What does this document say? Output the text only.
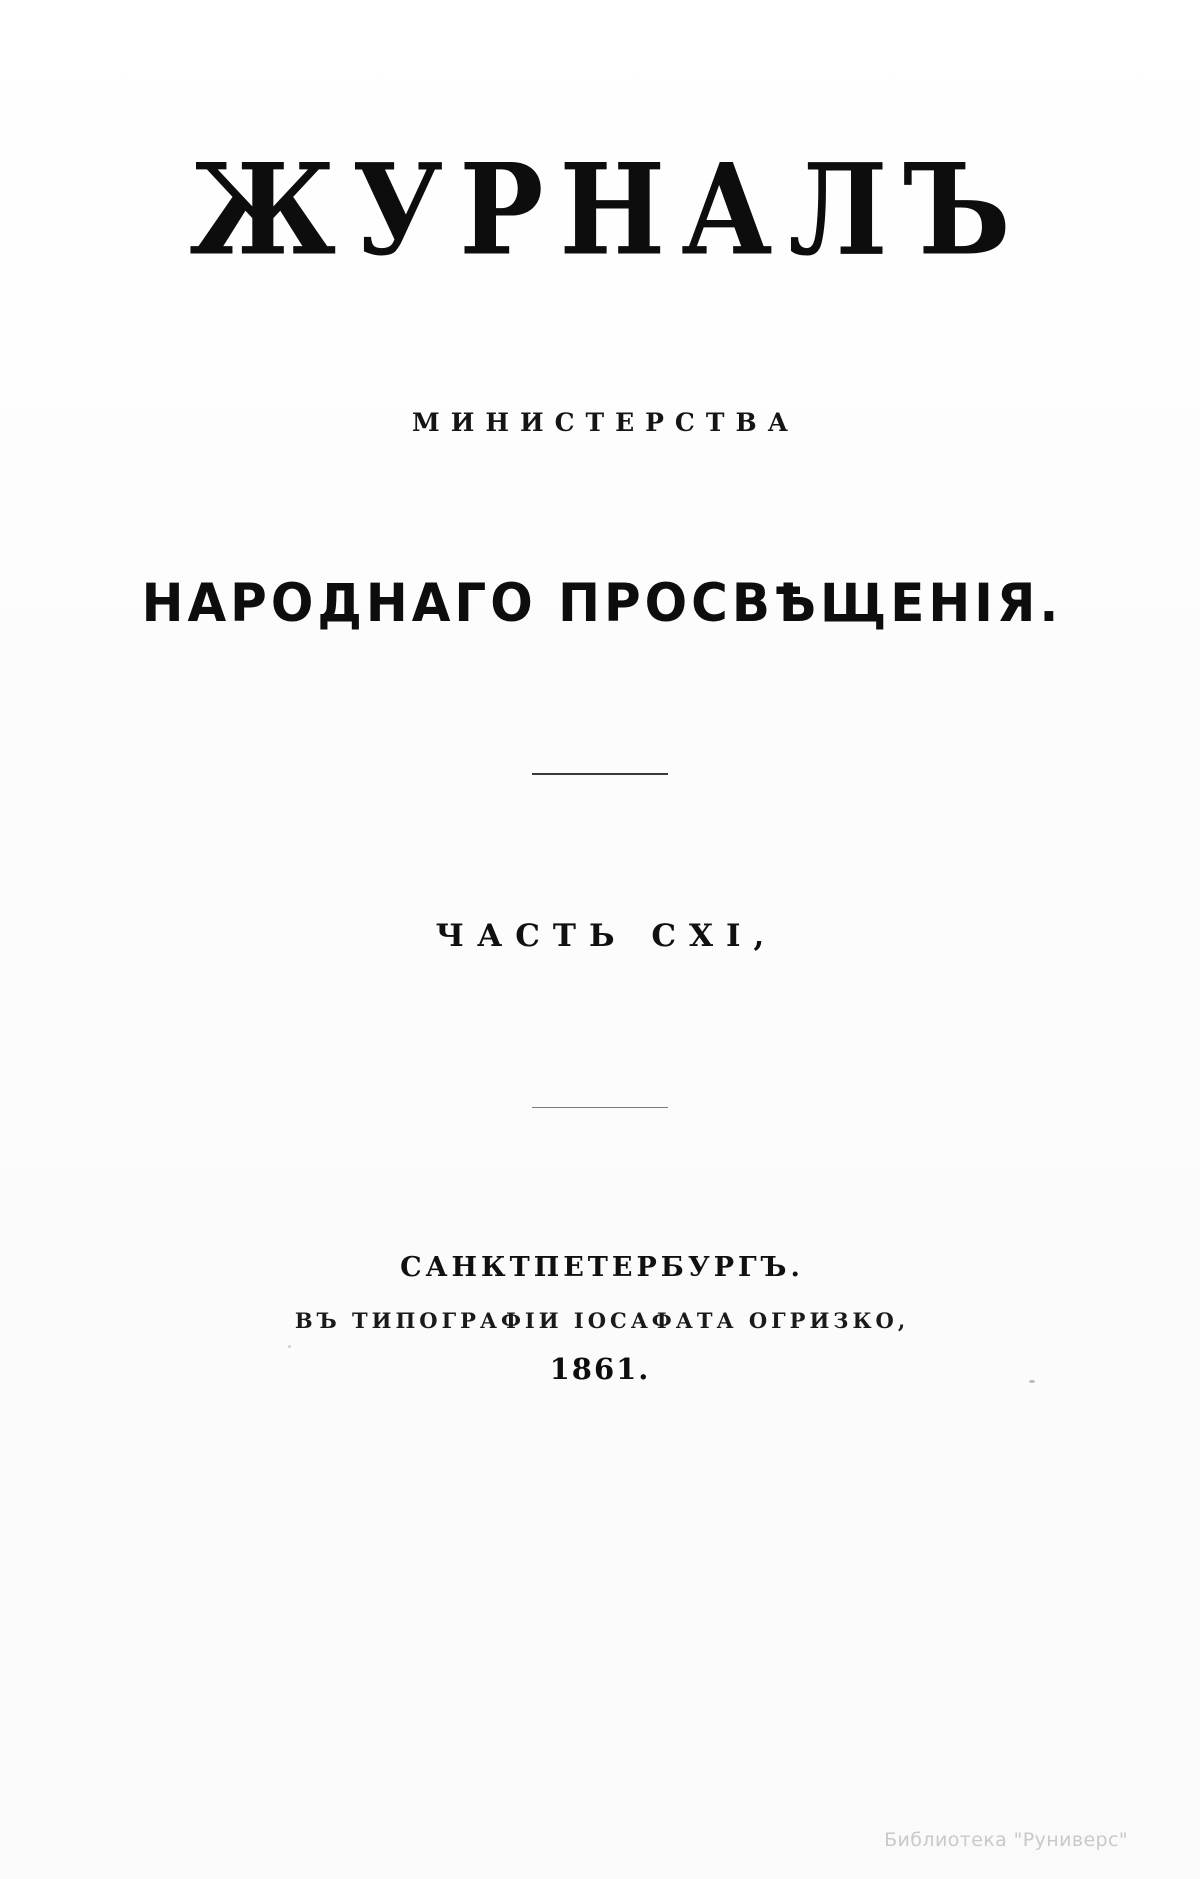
ЖУРНАЛЪ
МИНИСТЕРСТВА
НАРОДНАГО ПРОСВѢЩЕНІЯ.
ЧАСТЬ CXI,
САНКТПЕТЕРБУРГЪ.
ВЪ ТИПОГРАФІИ ІОСАФАТА ОГРИЗКО,
1861.
Библиотека "Руниверс"
